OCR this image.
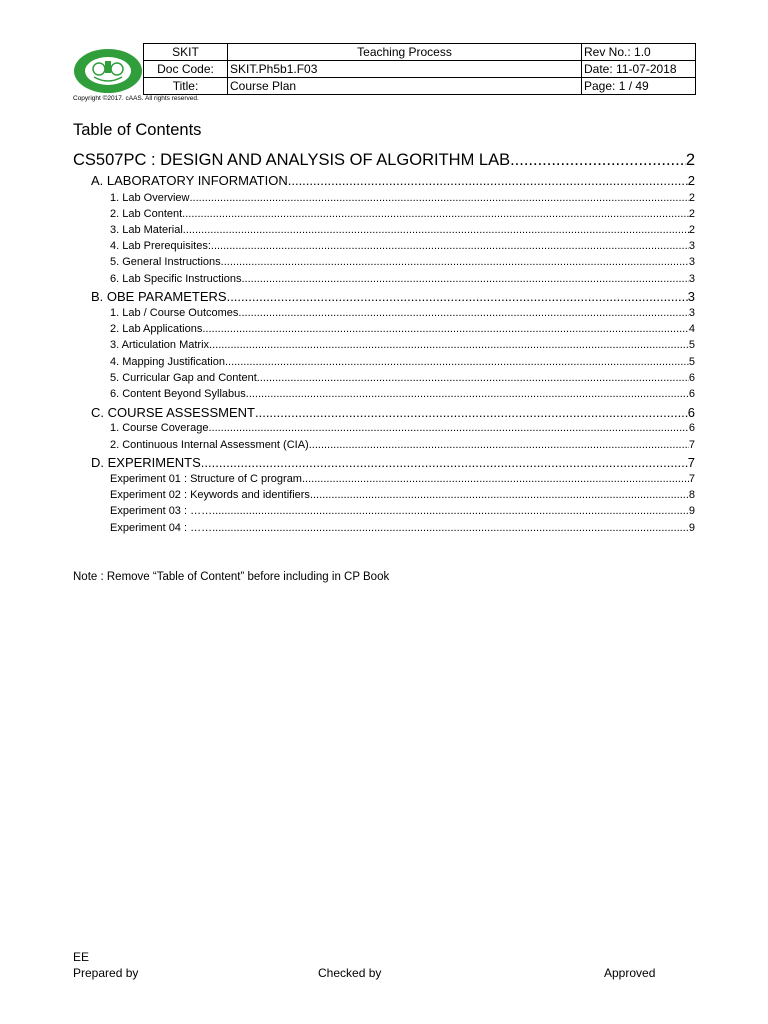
SKIT	Teaching Process	Rev No.: 1.0
Doc Code:	SKIT.Ph5b1.F03	Date: 11-07-2018
Title:	Course Plan	Page: 1 / 49
Copyright ©2017. cAAS. All rights reserved.
Table of Contents
CS507PC : DESIGN AND ANALYSIS OF ALGORITHM LAB .....	2
A. LABORATORY INFORMATION .....	2
1. Lab Overview .....	2
2. Lab Content .....	2
3. Lab Material .....	2
4. Lab Prerequisites: .....	3
5. General Instructions .....	3
6. Lab Specific Instructions .....	3
B. OBE PARAMETERS .....	3
1. Lab / Course Outcomes .....	3
2. Lab Applications .....	4
3. Articulation Matrix .....	5
4. Mapping Justification .....	5
5. Curricular Gap and Content .....	6
6. Content Beyond Syllabus .....	6
C. COURSE ASSESSMENT .....	6
1. Course Coverage .....	6
2. Continuous Internal Assessment (CIA) .....	7
D. EXPERIMENTS .....	7
Experiment 01 : Structure of C program .....	7
Experiment 02 : Keywords and identifiers .....	8
Experiment 03 : …… .....	9
Experiment 04 : …… .....	9
Note : Remove “Table of Content” before including in CP Book
EE
Prepared by	Checked by	Approved
